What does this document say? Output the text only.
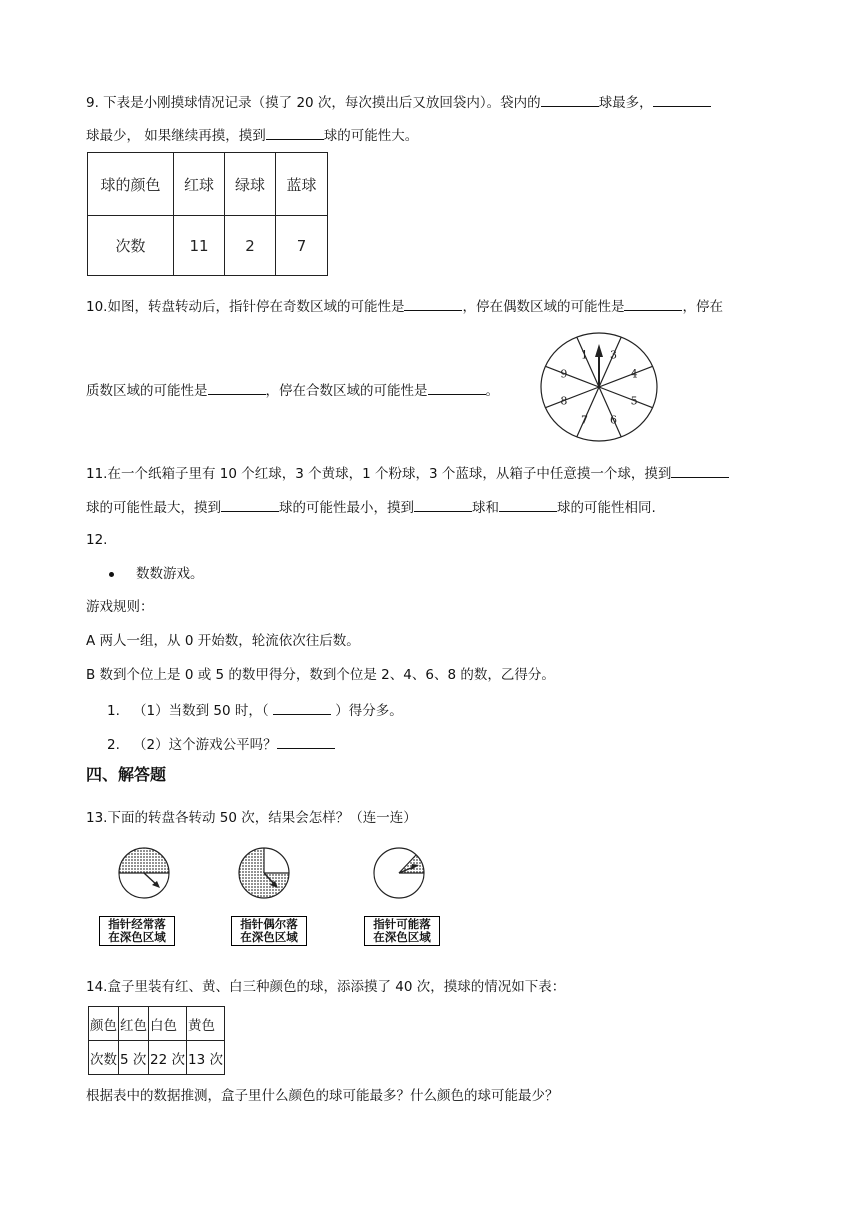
9. 下表是小刚摸球情况记录（摸了 20 次，每次摸出后又放回袋内）。袋内的	球最多，
球最少， 如果继续再摸，摸到	球的可能性大。
球的颜色	红球	绿球	蓝球
次数	11	2	7
10.如图，转盘转动后，指针停在奇数区域的可能性是	，停在偶数区域的可能性是	，停在
质数区域的可能性是	，停在合数区域的可能性是	。
1 3
4
5
6
7
8
9
11.在一个纸箱子里有 10 个红球，3 个黄球，1 个粉球，3 个蓝球，从箱子中任意摸一个球，摸到
球的可能性最大，摸到	球的可能性最小，摸到	球和	球的可能性相同.
12.
数数游戏。
游戏规则：
A 两人一组，从 0 开始数，轮流依次往后数。
B 数到个位上是 0 或 5 的数甲得分，数到个位是 2、4、6、8 的数，乙得分。
1. （1）当数到 50 时，（	）得分多。
2. （2）这个游戏公平吗？
四、解答题
13.下面的转盘各转动 50 次，结果会怎样？（连一连）
指针经常落
在深色区域
指针偶尔落
在深色区域
指针可能落
在深色区域
14.盒子里装有红、黄、白三种颜色的球，添添摸了 40 次，摸球的情况如下表：
颜色	红色	白色	黄色
次数	5 次	22 次	13 次
根据表中的数据推测，盒子里什么颜色的球可能最多？什么颜色的球可能最少？
